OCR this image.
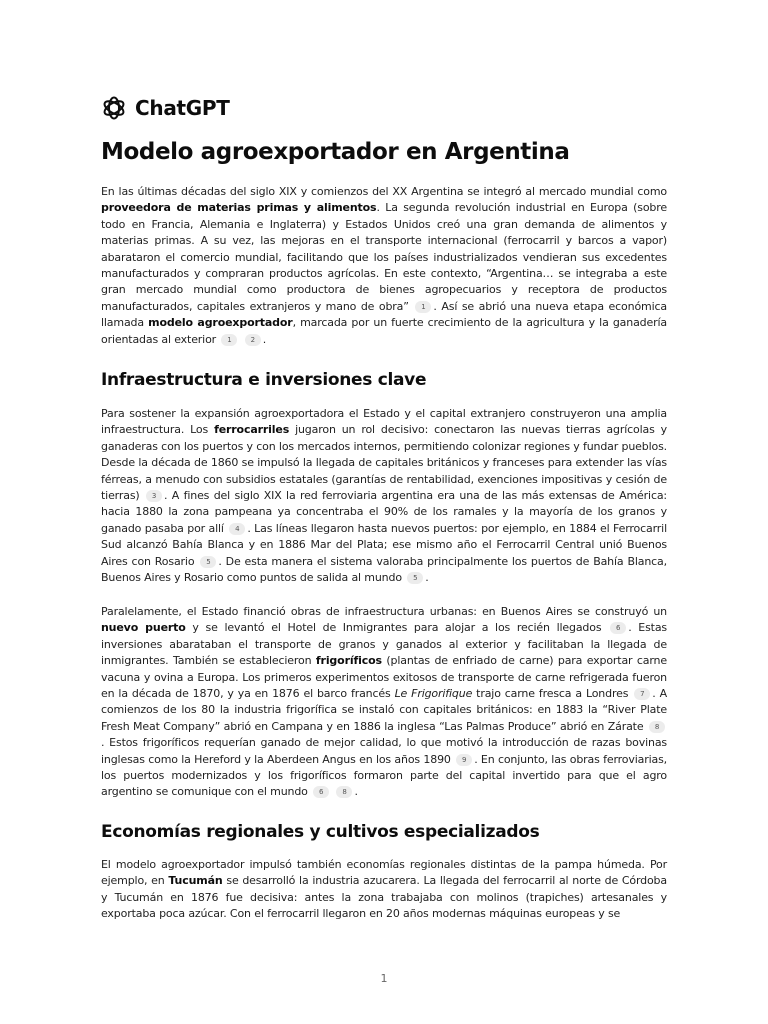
ChatGPT
Modelo agroexportador en Argentina

En las últimas décadas del siglo XIX y comienzos del XX Argentina se integró al mercado mundial como proveedora de materias primas y alimentos. La segunda revolución industrial en Europa (sobre todo en Francia, Alemania e Inglaterra) y Estados Unidos creó una gran demanda de alimentos y materias primas. A su vez, las mejoras en el transporte internacional (ferrocarril y barcos a vapor) abarataron el comercio mundial, facilitando que los países industrializados vendieran sus excedentes manufacturados y compraran productos agrícolas. En este contexto, “Argentina… se integraba a este gran mercado mundial como productora de bienes agropecuarios y receptora de productos manufacturados, capitales extranjeros y mano de obra” 1 . Así se abrió una nueva etapa económica llamada modelo agroexportador, marcada por un fuerte crecimiento de la agricultura y la ganadería orientadas al exterior 1	2 .

Infraestructura e inversiones clave

Para sostener la expansión agroexportadora el Estado y el capital extranjero construyeron una amplia infraestructura. Los ferrocarriles jugaron un rol decisivo: conectaron las nuevas tierras agrícolas y ganaderas con los puertos y con los mercados internos, permitiendo colonizar regiones y fundar pueblos. Desde la década de 1860 se impulsó la llegada de capitales británicos y franceses para extender las vías férreas, a menudo con subsidios estatales (garantías de rentabilidad, exenciones impositivas y cesión de tierras) 3 . A fines del siglo XIX la red ferroviaria argentina era una de las más extensas de América: hacia 1880 la zona pampeana ya concentraba el 90% de los ramales y la mayoría de los granos y ganado pasaba por allí 4 . Las líneas llegaron hasta nuevos puertos: por ejemplo, en 1884 el Ferrocarril Sud alcanzó Bahía Blanca y en 1886 Mar del Plata; ese mismo año el Ferrocarril Central unió Buenos Aires con Rosario 5 . De esta manera el sistema valoraba principalmente los puertos de Bahía Blanca, Buenos Aires y Rosario como puntos de salida al mundo 5 .

Paralelamente, el Estado financió obras de infraestructura urbanas: en Buenos Aires se construyó un nuevo puerto y se levantó el Hotel de Inmigrantes para alojar a los recién llegados 6 . Estas inversiones abarataban el transporte de granos y ganados al exterior y facilitaban la llegada de inmigrantes. También se establecieron frigoríficos (plantas de enfriado de carne) para exportar carne vacuna y ovina a Europa. Los primeros experimentos exitosos de transporte de carne refrigerada fueron en la década de 1870, y ya en 1876 el barco francés Le Frigorifique trajo carne fresca a Londres 7 . A comienzos de los 80 la industria frigorífica se instaló con capitales británicos: en 1883 la “River Plate Fresh Meat Company” abrió en Campana y en 1886 la inglesa “Las Palmas Produce” abrió en Zárate 8. Estos frigoríficos requerían ganado de mejor calidad, lo que motivó la introducción de razas bovinas inglesas como la Hereford y la Aberdeen Angus en los años 1890 9 . En conjunto, las obras ferroviarias, los puertos modernizados y los frigoríficos formaron parte del capital invertido para que el agro argentino se comunique con el mundo 6	8 .

Economías regionales y cultivos especializados

El modelo agroexportador impulsó también economías regionales distintas de la pampa húmeda. Por ejemplo, en Tucumán se desarrolló la industria azucarera. La llegada del ferrocarril al norte de Córdoba y Tucumán en 1876 fue decisiva: antes la zona trabajaba con molinos (trapiches) artesanales y exportaba poca azúcar. Con el ferrocarril llegaron en 20 años modernas máquinas europeas y se

1
